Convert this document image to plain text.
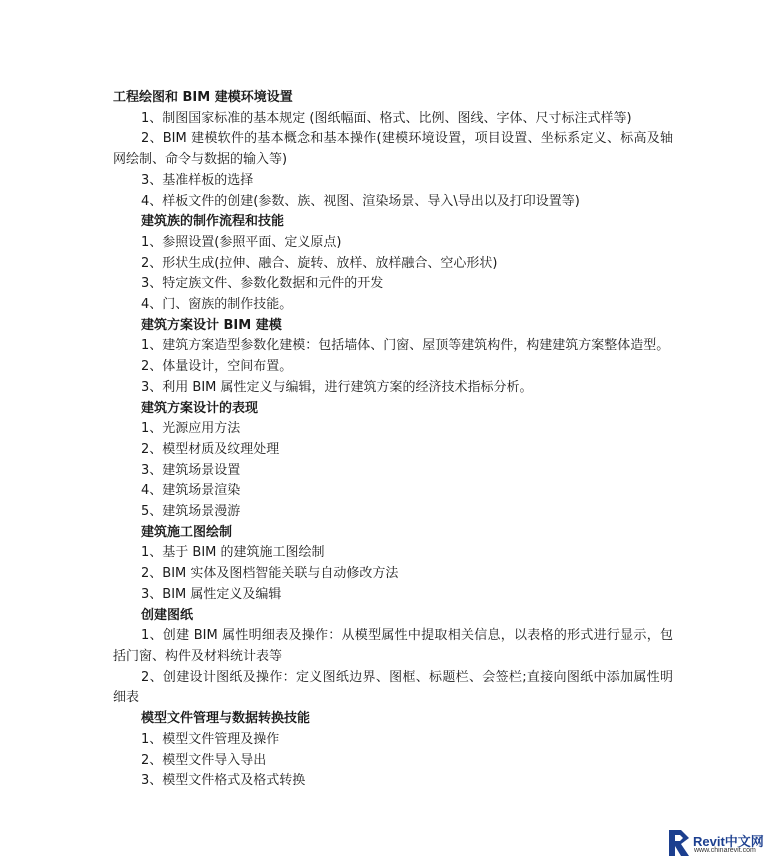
工程绘图和 BIM 建模环境设置

1、制图国家标准的基本规定 (图纸幅面、格式、比例、图线、字体、尺寸标注式样等)

2、BIM 建模软件的基本概念和基本操作(建模环境设置，项目设置、坐标系定义、标高及轴网绘制、命令与数据的输入等)

3、基准样板的选择

4、样板文件的创建(参数、族、视图、渲染场景、导入\导出以及打印设置等)

建筑族的制作流程和技能

1、参照设置(参照平面、定义原点)

2、形状生成(拉伸、融合、旋转、放样、放样融合、空心形状)

3、特定族文件、参数化数据和元件的开发

4、门、窗族的制作技能。

建筑方案设计 BIM 建模

1、建筑方案造型参数化建模：包括墙体、门窗、屋顶等建筑构件，构建建筑方案整体造型。

2、体量设计，空间布置。

3、利用 BIM 属性定义与编辑，进行建筑方案的经济技术指标分析。

建筑方案设计的表现

1、光源应用方法

2、模型材质及纹理处理

3、建筑场景设置

4、建筑场景渲染

5、建筑场景漫游

建筑施工图绘制

1、基于 BIM 的建筑施工图绘制

2、BIM 实体及图档智能关联与自动修改方法

3、BIM 属性定义及编辑

创建图纸

1、创建 BIM 属性明细表及操作：从模型属性中提取相关信息，以表格的形式进行显示，包括门窗、构件及材料统计表等

2、创建设计图纸及操作：定义图纸边界、图框、标题栏、会签栏;直接向图纸中添加属性明细表

模型文件管理与数据转换技能

1、模型文件管理及操作

2、模型文件导入导出

3、模型文件格式及格式转换

Revit中文网
www.chinarevit.com
